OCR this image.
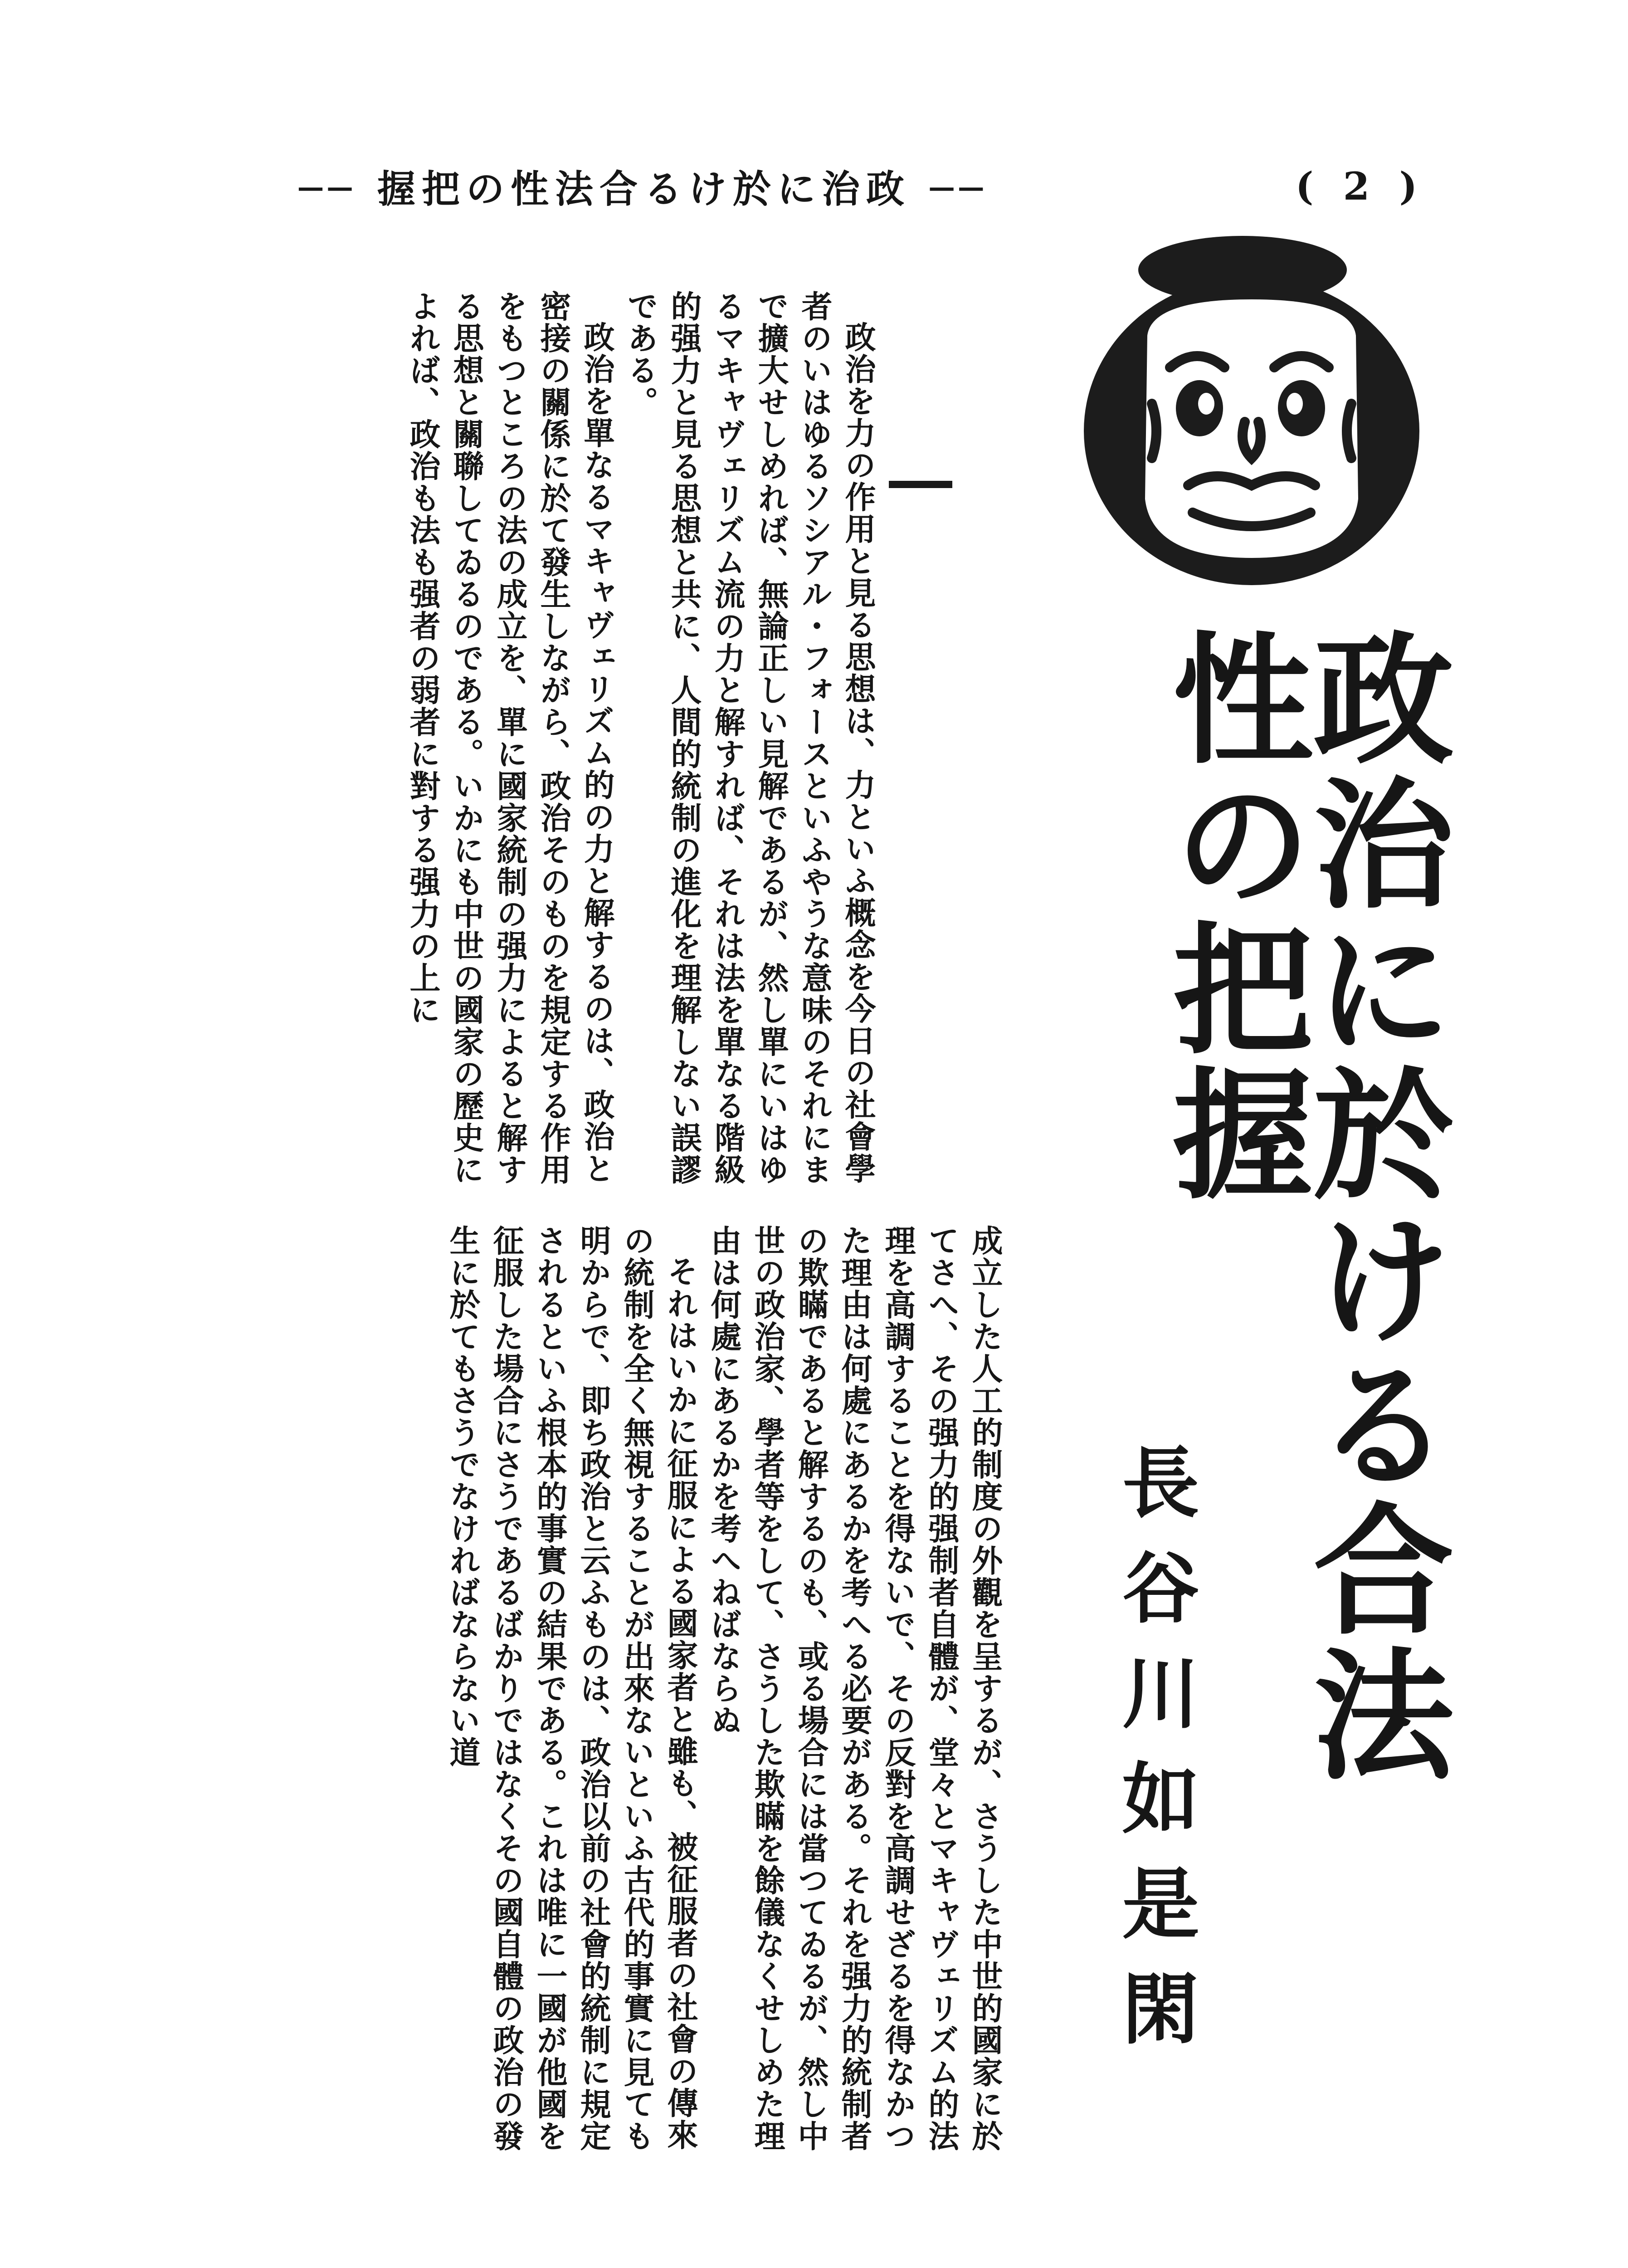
── 握把の性法合るけ於に治政 ──	( 2 )
政治に於ける合法性の把握
長谷川如是閑

政治を力の作用と見る思想は、力といふ概念を今日の社會學者のいはゆるソシアル・フォースといふやうな意味のそれにまで擴大せしめれば、無論正しい見解であるが、然し單にいはゆるマキャヴェリズム流の力と解すれば、それは法を單なる階級的强力と見る思想と共に、人間的統制の進化を理解しない誤謬である。

政治を單なるマキャヴェリズム的の力と解するのは、政治と密接の關係に於て發生しながら、政治そのものを規定する作用をもつところの法の成立を、單に國家統制の强力によると解する思想と關聯してゐるのである。いかにも中世の國家の歷史によれば、政治も法も强者の弱者に對する强力の上に

成立した人工的制度の外觀を呈するが、さうした中世的國家に於てさへ、その强力的强制者自體が、堂々とマキャヴェリズム的法理を高調することを得ないで、その反對を高調せざるを得なかつた理由は何處にあるかを考へる必要がある。それを强力的統制者の欺瞞であると解するのも、或る場合には當つてゐるが、然し中世の政治家、學者等をして、さうした欺瞞を餘儀なくせしめた理由は何處にあるかを考へねばならぬ

それはいかに征服による國家者と雖も、被征服者の社會の傳來の統制を全く無視することが出來ないといふ古代的事實に見ても明からで、即ち政治と云ふものは、政治以前の社會的統制に規定されるといふ根本的事實の結果である。これは唯に一國が他國を征服した場合にさうであるばかりではなくその國自體の政治の發生に於てもさうでなければならない道
